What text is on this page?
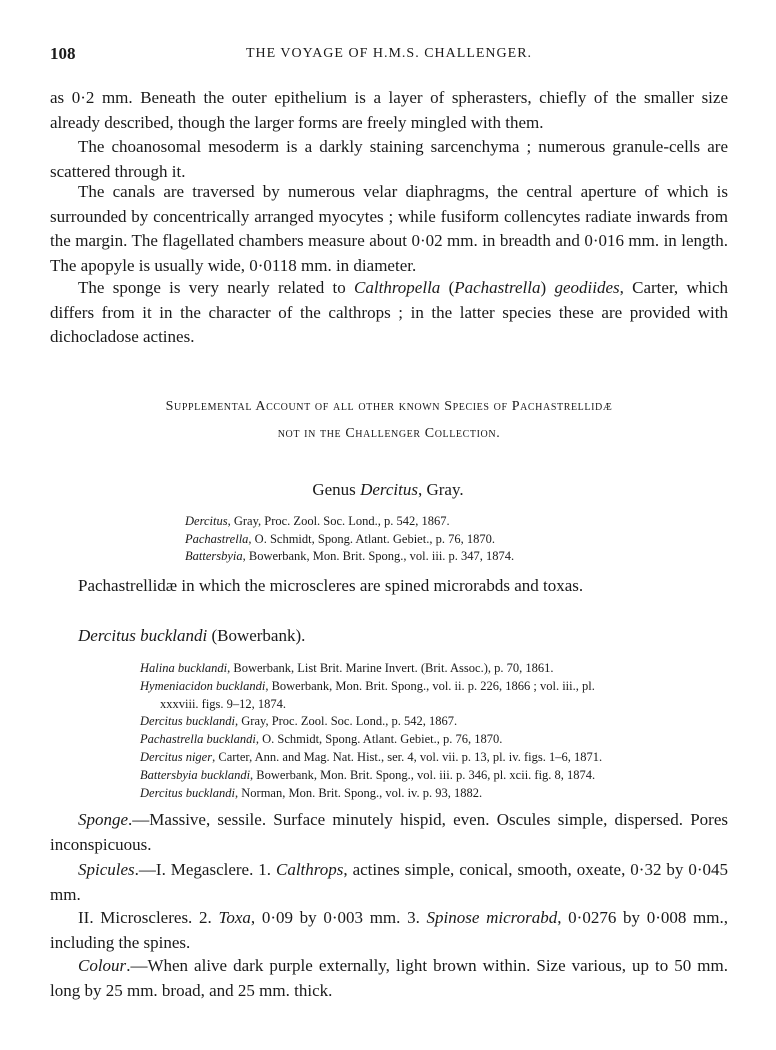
108	THE VOYAGE OF H.M.S. CHALLENGER.

as 0·2 mm. Beneath the outer epithelium is a layer of spherasters, chiefly of the smaller size already described, though the larger forms are freely mingled with them.

The choanosomal mesoderm is a darkly staining sarcenchyma ; numerous granule-cells are scattered through it.

The canals are traversed by numerous velar diaphragms, the central aperture of which is surrounded by concentrically arranged myocytes ; while fusiform collencytes radiate inwards from the margin. The flagellated chambers measure about 0·02 mm. in breadth and 0·016 mm. in length. The apopyle is usually wide, 0·0118 mm. in diameter.

The sponge is very nearly related to Calthropella (Pachastrella) geodiides, Carter, which differs from it in the character of the calthrops ; in the latter species these are provided with dichocladose actines.

Supplemental Account of all other known Species of Pachastrellidæ
not in the Challenger Collection.

Genus Dercitus, Gray.

Dercitus, Gray, Proc. Zool. Soc. Lond., p. 542, 1867.
Pachastrella, O. Schmidt, Spong. Atlant. Gebiet., p. 76, 1870.
Battersbyia, Bowerbank, Mon. Brit. Spong., vol. iii. p. 347, 1874.

Pachastrellidæ in which the microscleres are spined microrabds and toxas.

Dercitus bucklandi (Bowerbank).

Halina bucklandi, Bowerbank, List Brit. Marine Invert. (Brit. Assoc.), p. 70, 1861.
Hymeniacidon bucklandi, Bowerbank, Mon. Brit. Spong., vol. ii. p. 226, 1866 ; vol. iii., pl.
xxxviii. figs. 9–12, 1874.
Dercitus bucklandi, Gray, Proc. Zool. Soc. Lond., p. 542, 1867.
Pachastrella bucklandi, O. Schmidt, Spong. Atlant. Gebiet., p. 76, 1870.
Dercitus niger, Carter, Ann. and Mag. Nat. Hist., ser. 4, vol. vii. p. 13, pl. iv. figs. 1–6, 1871.
Battersbyia bucklandi, Bowerbank, Mon. Brit. Spong., vol. iii. p. 346, pl. xcii. fig. 8, 1874.
Dercitus bucklandi, Norman, Mon. Brit. Spong., vol. iv. p. 93, 1882.

Sponge.—Massive, sessile. Surface minutely hispid, even. Oscules simple, dispersed. Pores inconspicuous.

Spicules.—I. Megasclere. 1. Calthrops, actines simple, conical, smooth, oxeate, 0·32 by 0·045 mm.

II. Microscleres. 2. Toxa, 0·09 by 0·003 mm. 3. Spinose microrabd, 0·0276 by 0·008 mm., including the spines.

Colour.—When alive dark purple externally, light brown within. Size various, up to 50 mm. long by 25 mm. broad, and 25 mm. thick.
